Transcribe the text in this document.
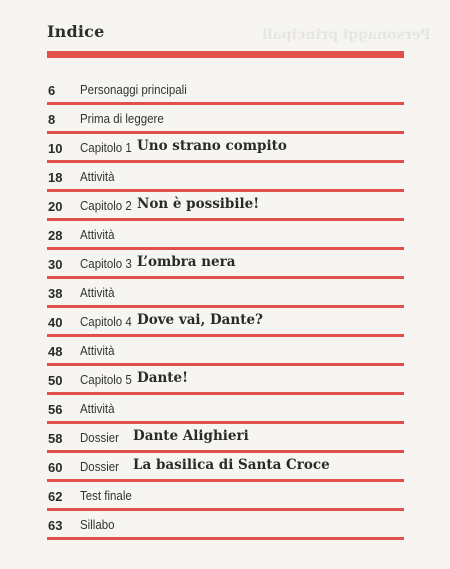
Personaggi principali
Indice
6 Personaggi principali
8 Prima di leggere
10 Capitolo 1 Uno strano compito
18 Attività
20 Capitolo 2 Non è possibile!
28 Attività
30 Capitolo 3 L’ombra nera
38 Attività
40 Capitolo 4 Dove vai, Dante?
48 Attività
50 Capitolo 5 Dante!
56 Attività
58 Dossier Dante Alighieri
60 Dossier La basilica di Santa Croce
62 Test finale
63 Sillabo
